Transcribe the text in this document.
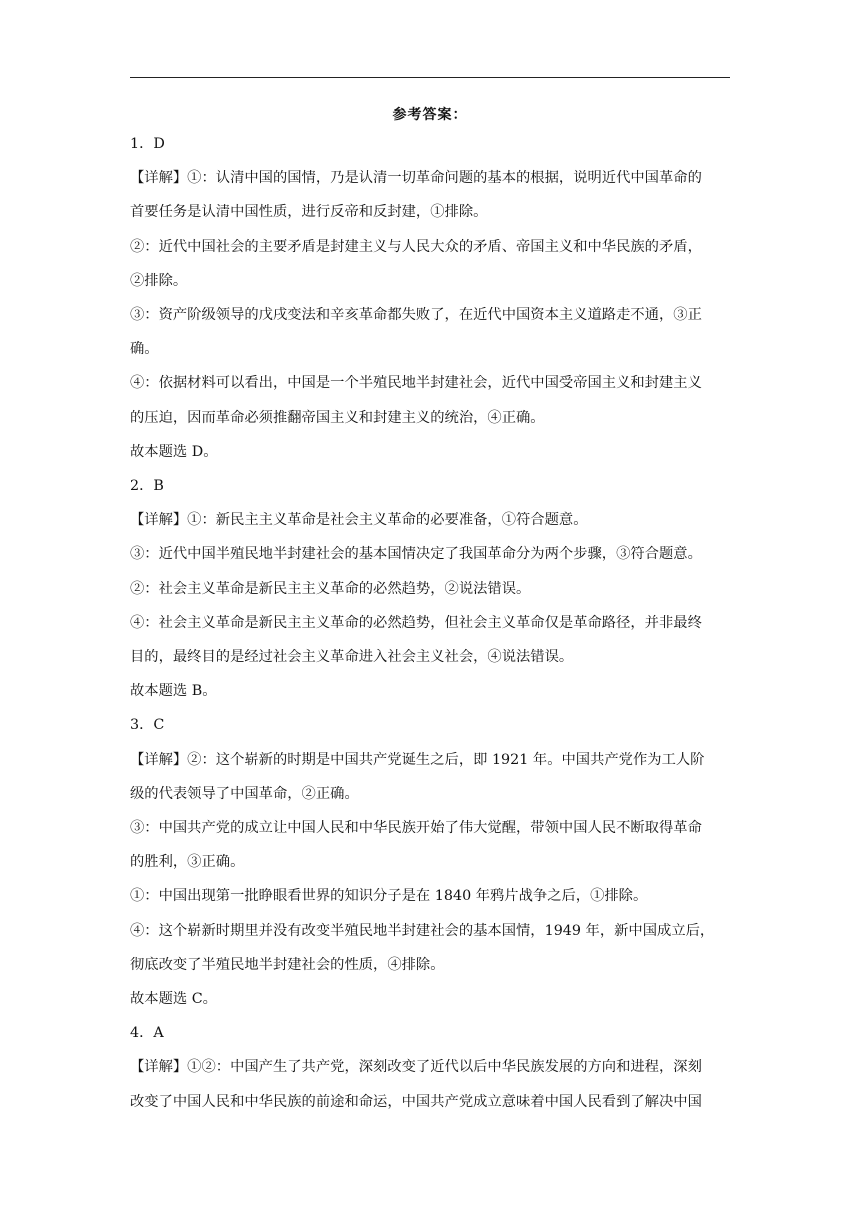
参考答案：
1．D
【详解】①：认清中国的国情，乃是认清一切革命问题的基本的根据，说明近代中国革命的
首要任务是认清中国性质，进行反帝和反封建，①排除。
②：近代中国社会的主要矛盾是封建主义与人民大众的矛盾、帝国主义和中华民族的矛盾，
②排除。
③：资产阶级领导的戊戌变法和辛亥革命都失败了，在近代中国资本主义道路走不通，③正
确。
④：依据材料可以看出，中国是一个半殖民地半封建社会，近代中国受帝国主义和封建主义
的压迫，因而革命必须推翻帝国主义和封建主义的统治，④正确。
故本题选 D。
2．B
【详解】①：新民主主义革命是社会主义革命的必要准备，①符合题意。
③：近代中国半殖民地半封建社会的基本国情决定了我国革命分为两个步骤，③符合题意。
②：社会主义革命是新民主主义革命的必然趋势，②说法错误。
④：社会主义革命是新民主主义革命的必然趋势，但社会主义革命仅是革命路径，并非最终
目的，最终目的是经过社会主义革命进入社会主义社会，④说法错误。
故本题选 B。
3．C
【详解】②：这个崭新的时期是中国共产党诞生之后，即 1921 年。中国共产党作为工人阶
级的代表领导了中国革命，②正确。
③：中国共产党的成立让中国人民和中华民族开始了伟大觉醒，带领中国人民不断取得革命
的胜利，③正确。
①：中国出现第一批睁眼看世界的知识分子是在 1840 年鸦片战争之后，①排除。
④：这个崭新时期里并没有改变半殖民地半封建社会的基本国情，1949 年，新中国成立后，
彻底改变了半殖民地半封建社会的性质，④排除。
故本题选 C。
4．A
【详解】①②：中国产生了共产党，深刻改变了近代以后中华民族发展的方向和进程，深刻
改变了中国人民和中华民族的前途和命运，中国共产党成立意味着中国人民看到了解决中国
